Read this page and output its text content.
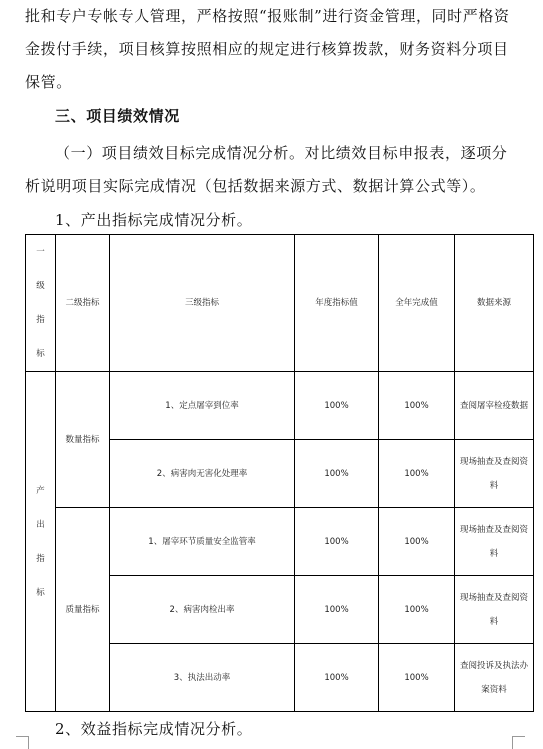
批和专户专帐专人管理，严格按照“报账制”进行资金管理，同时严格资金拨付手续，项目核算按照相应的规定进行核算拨款，财务资料分项目保管。

三、项目绩效情况

（一）项目绩效目标完成情况分析。对比绩效目标申报表，逐项分析说明项目实际完成情况（包括数据来源方式、数据计算公式等）。

1、产出指标完成情况分析。

一级指标	二级指标	三级指标	年度指标值	全年完成值	数据来源
产出指标	数量指标	1、定点屠宰到位率	100%	100%	查阅屠宰检疫数据
		2、病害肉无害化处理率	100%	100%	现场抽查及查阅资料
	质量指标	1、屠宰环节质量安全监管率	100%	100%	现场抽查及查阅资料
		2、病害肉检出率	100%	100%	现场抽查及查阅资料
		3、执法出动率	100%	100%	查阅投诉及执法办案资料

2、效益指标完成情况分析。
